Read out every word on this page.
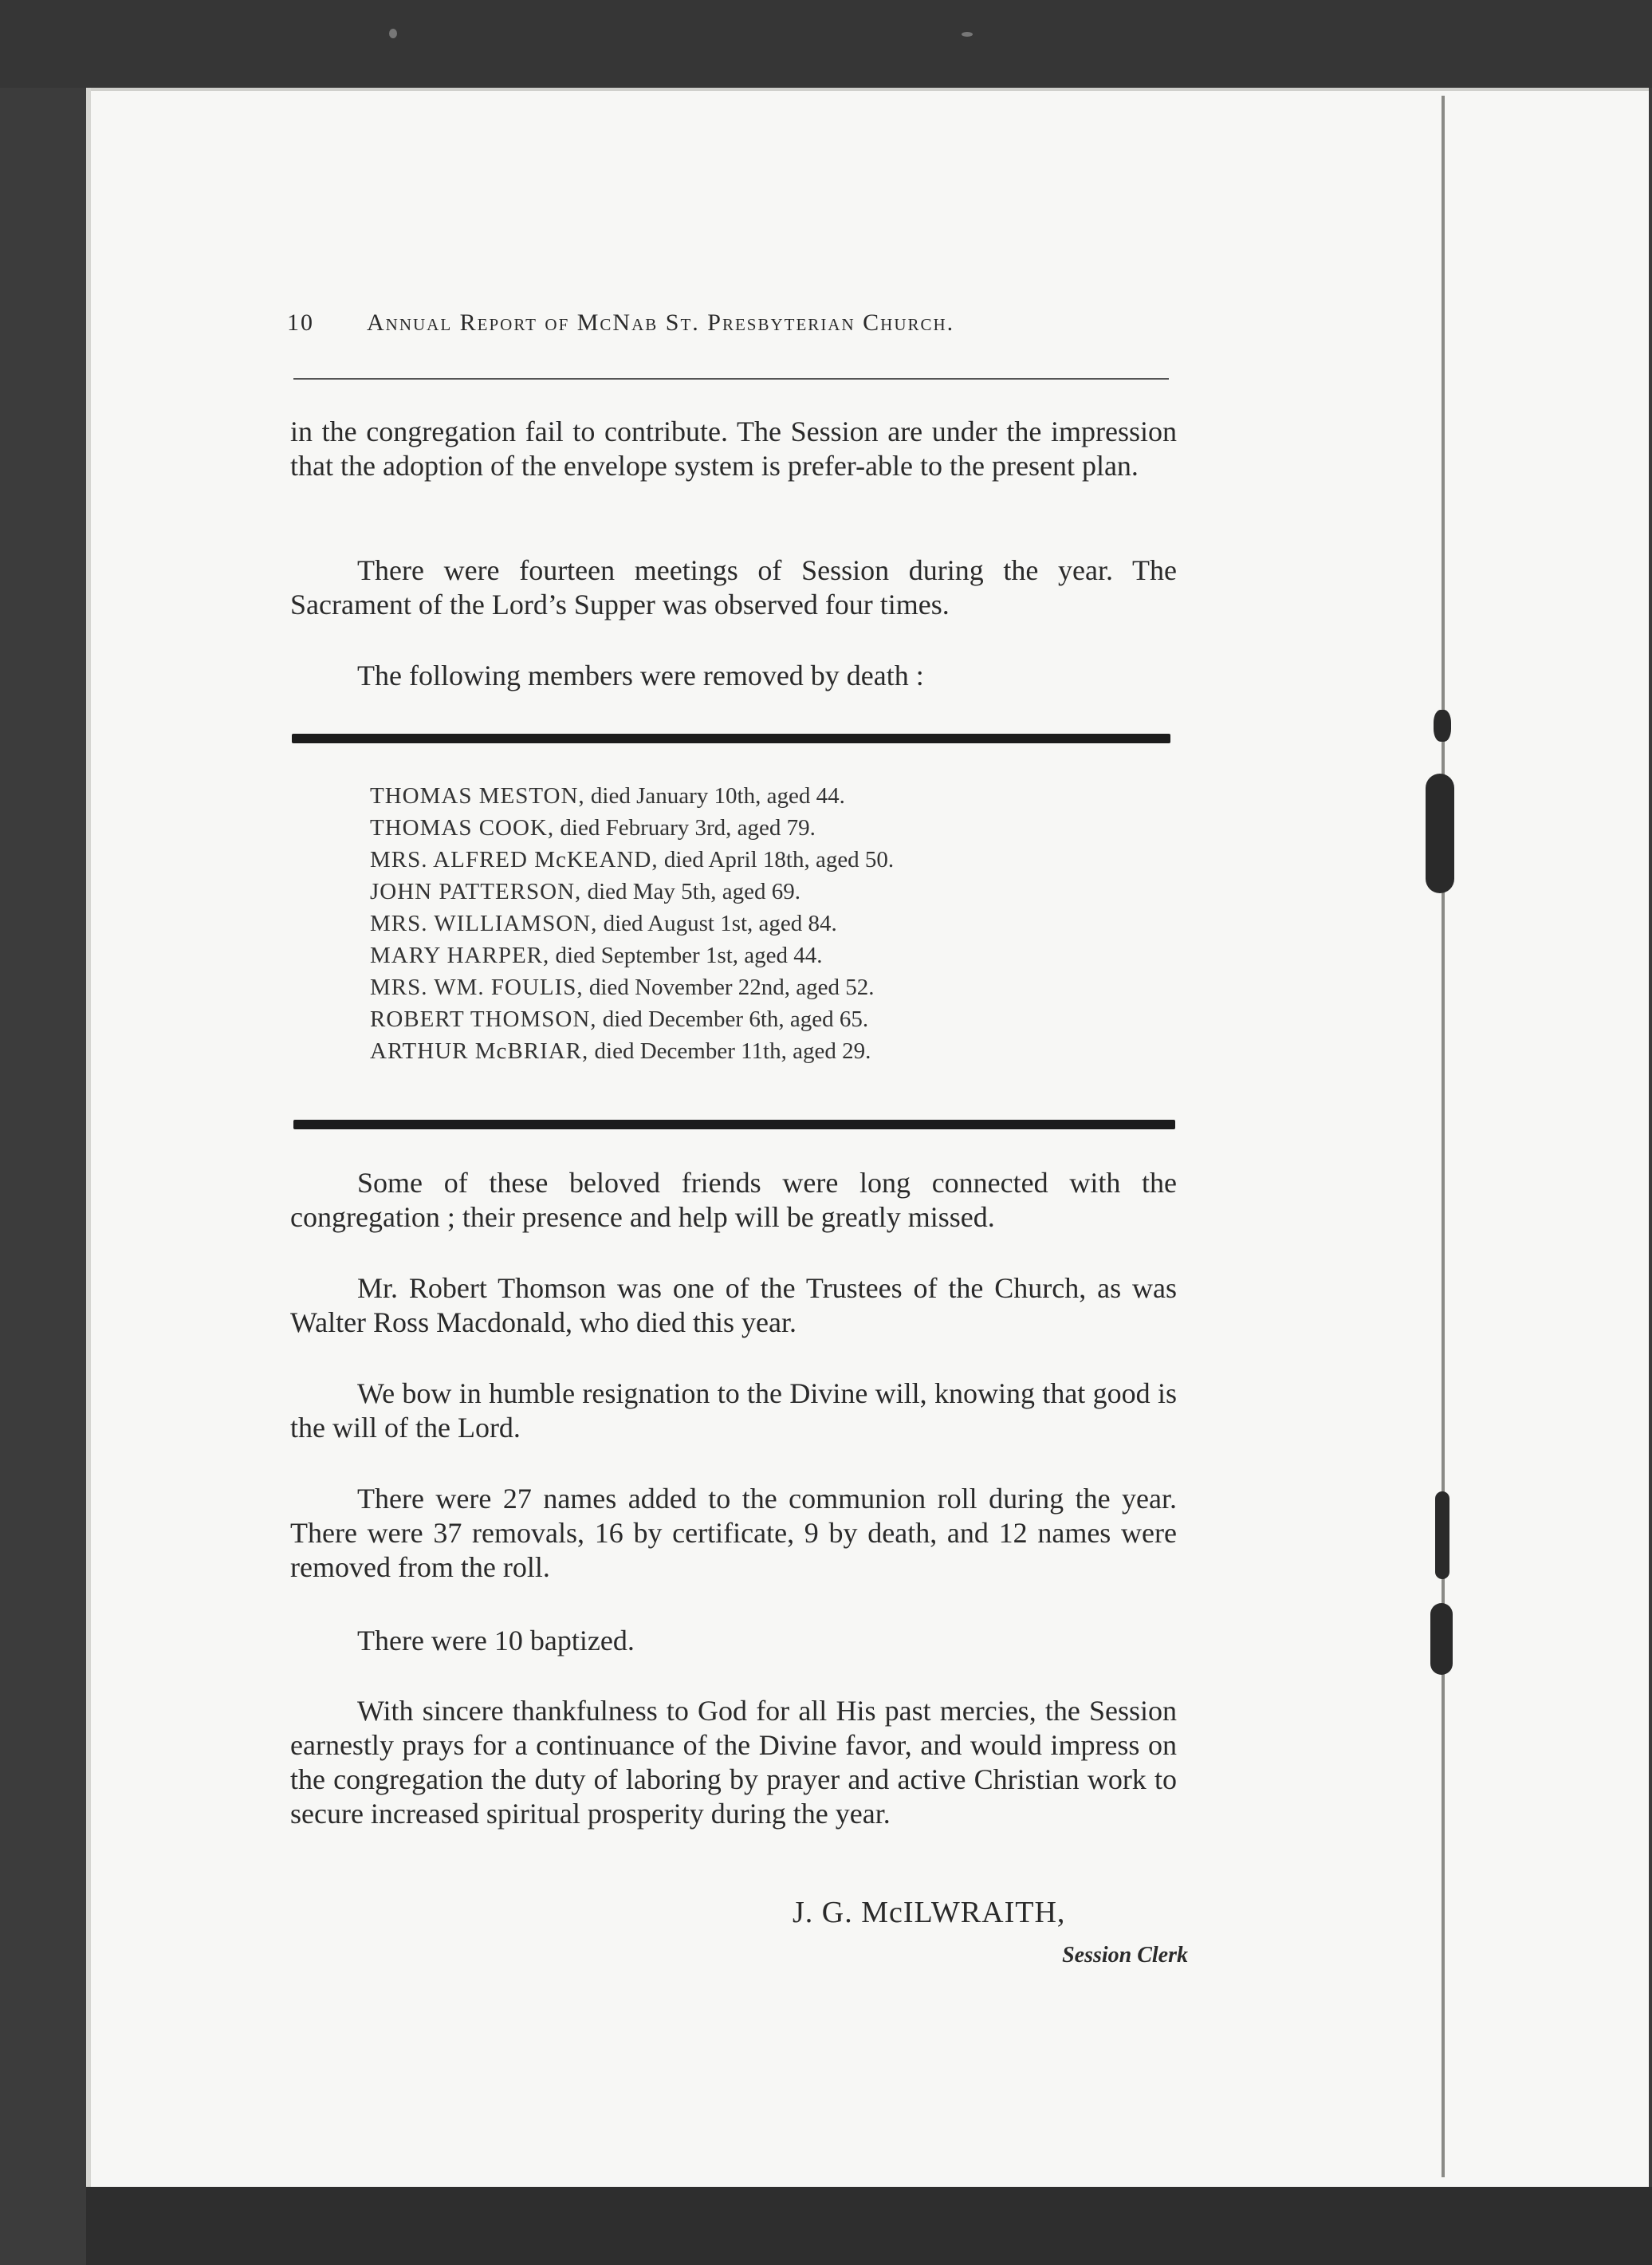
10 Annual Report of McNab St. Presbyterian Church.

in the congregation fail to contribute. The Session are under the impression that the adoption of the envelope system is prefer-able to the present plan.

There were fourteen meetings of Session during the year. The Sacrament of the Lord’s Supper was observed four times.

The following members were removed by death :

THOMAS MESTON, died January 10th, aged 44.
THOMAS COOK, died February 3rd, aged 79.
MRS. ALFRED McKEAND, died April 18th, aged 50.
JOHN PATTERSON, died May 5th, aged 69.
MRS. WILLIAMSON, died August 1st, aged 84.
MARY HARPER, died September 1st, aged 44.
MRS. WM. FOULIS, died November 22nd, aged 52.
ROBERT THOMSON, died December 6th, aged 65.
ARTHUR McBRIAR, died December 11th, aged 29.

Some of these beloved friends were long connected with the congregation ; their presence and help will be greatly missed.

Mr. Robert Thomson was one of the Trustees of the Church, as was Walter Ross Macdonald, who died this year.

We bow in humble resignation to the Divine will, knowing that good is the will of the Lord.

There were 27 names added to the communion roll during the year. There were 37 removals, 16 by certificate, 9 by death, and 12 names were removed from the roll.

There were 10 baptized.

With sincere thankfulness to God for all His past mercies, the Session earnestly prays for a continuance of the Divine favor, and would impress on the congregation the duty of laboring by prayer and active Christian work to secure increased spiritual prosperity during the year.

J. G. McILWRAITH,
Session Clerk
